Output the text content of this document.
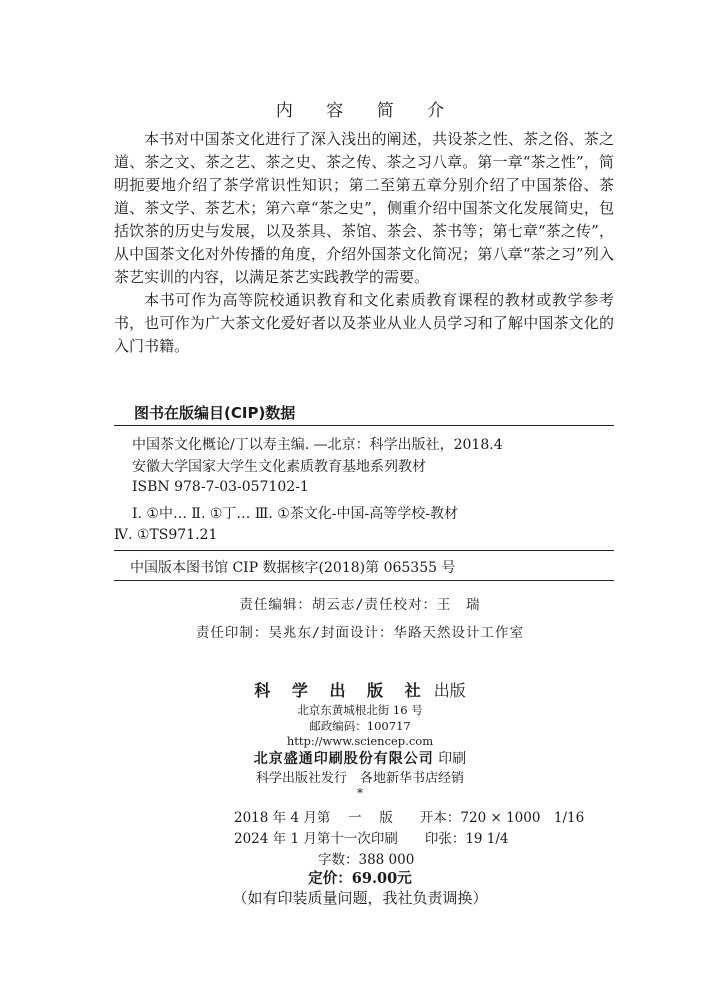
内 容 简 介

本书对中国茶文化进行了深入浅出的阐述，共设茶之性、茶之俗、茶之道、茶之文、茶之艺、茶之史、茶之传、茶之习八章。第一章“茶之性”，简明扼要地介绍了茶学常识性知识；第二至第五章分别介绍了中国茶俗、茶道、茶文学、茶艺术；第六章“茶之史”，侧重介绍中国茶文化发展简史，包括饮茶的历史与发展，以及茶具、茶馆、茶会、茶书等；第七章“茶之传”，从中国茶文化对外传播的角度，介绍外国茶文化简况；第八章“茶之习”列入茶艺实训的内容，以满足茶艺实践教学的需要。

本书可作为高等院校通识教育和文化素质教育课程的教材或教学参考书，也可作为广大茶文化爱好者以及茶业从业人员学习和了解中国茶文化的入门书籍。

图书在版编目(CIP)数据
中国茶文化概论/丁以寿主编. —北京：科学出版社，2018.4
安徽大学国家大学生文化素质教育基地系列教材
ISBN 978-7-03-057102-1
Ⅰ. ①中… Ⅱ. ①丁… Ⅲ. ①茶文化-中国-高等学校-教材
Ⅳ. ①TS971.21
中国版本图书馆 CIP 数据核字(2018)第 065355 号
责任编辑：胡云志/责任校对：王　瑞
责任印制：吴兆东/封面设计：华路天然设计工作室
科 学 出 版 社 出版
北京东黄城根北街 16 号
邮政编码：100717
http://www.sciencep.com
北京盛通印刷股份有限公司 印刷
科学出版社发行　各地新华书店经销
*
2018 年 4 月第　 一　 版　　开本：720 × 1000　1/16
2024 年 1 月第十一次印刷　　印张：19 1/4
字数：388 000
定价：69.00元
（如有印装质量问题，我社负责调换）
